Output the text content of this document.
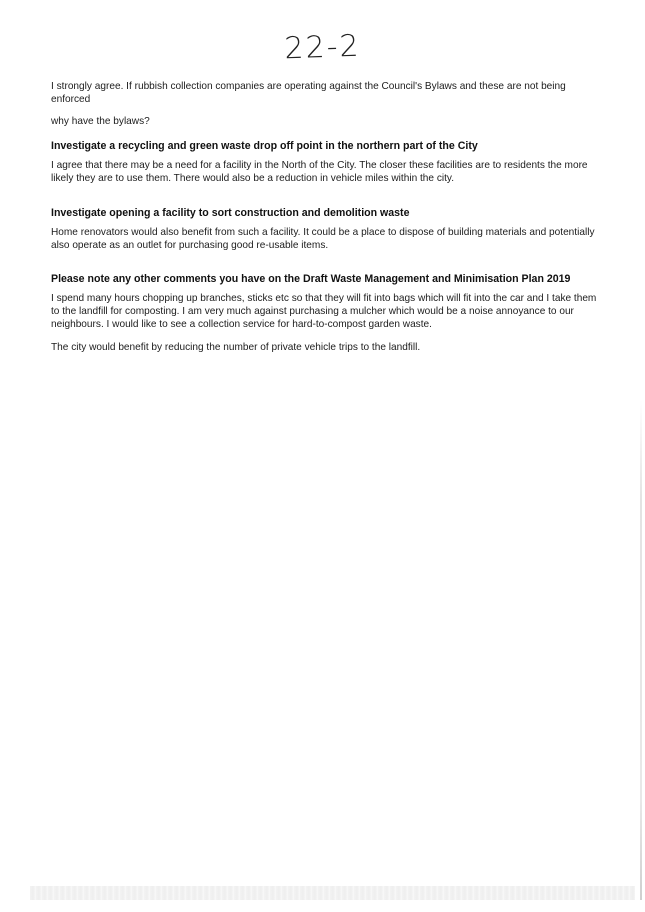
22-2

I strongly agree. If rubbish collection companies are operating against the Council's Bylaws and these are not being enforced

why have the bylaws?

Investigate a recycling and green waste drop off point in the northern part of the City

I agree that there may be a need for a facility in the North of the City. The closer these facilities are to residents the more likely they are to use them. There would also be a reduction in vehicle miles within the city.

Investigate opening a facility to sort construction and demolition waste

Home renovators would also benefit from such a facility. It could be a place to dispose of building materials and potentially also operate as an outlet for purchasing good re-usable items.

Please note any other comments you have on the Draft Waste Management and Minimisation Plan 2019

I spend many hours chopping up branches, sticks etc so that they will fit into bags which will fit into the car and I take them to the landfill for composting. I am very much against purchasing a mulcher which would be a noise annoyance to our neighbours. I would like to see a collection service for hard-to-compost garden waste.

The city would benefit by reducing the number of private vehicle trips to the landfill.
